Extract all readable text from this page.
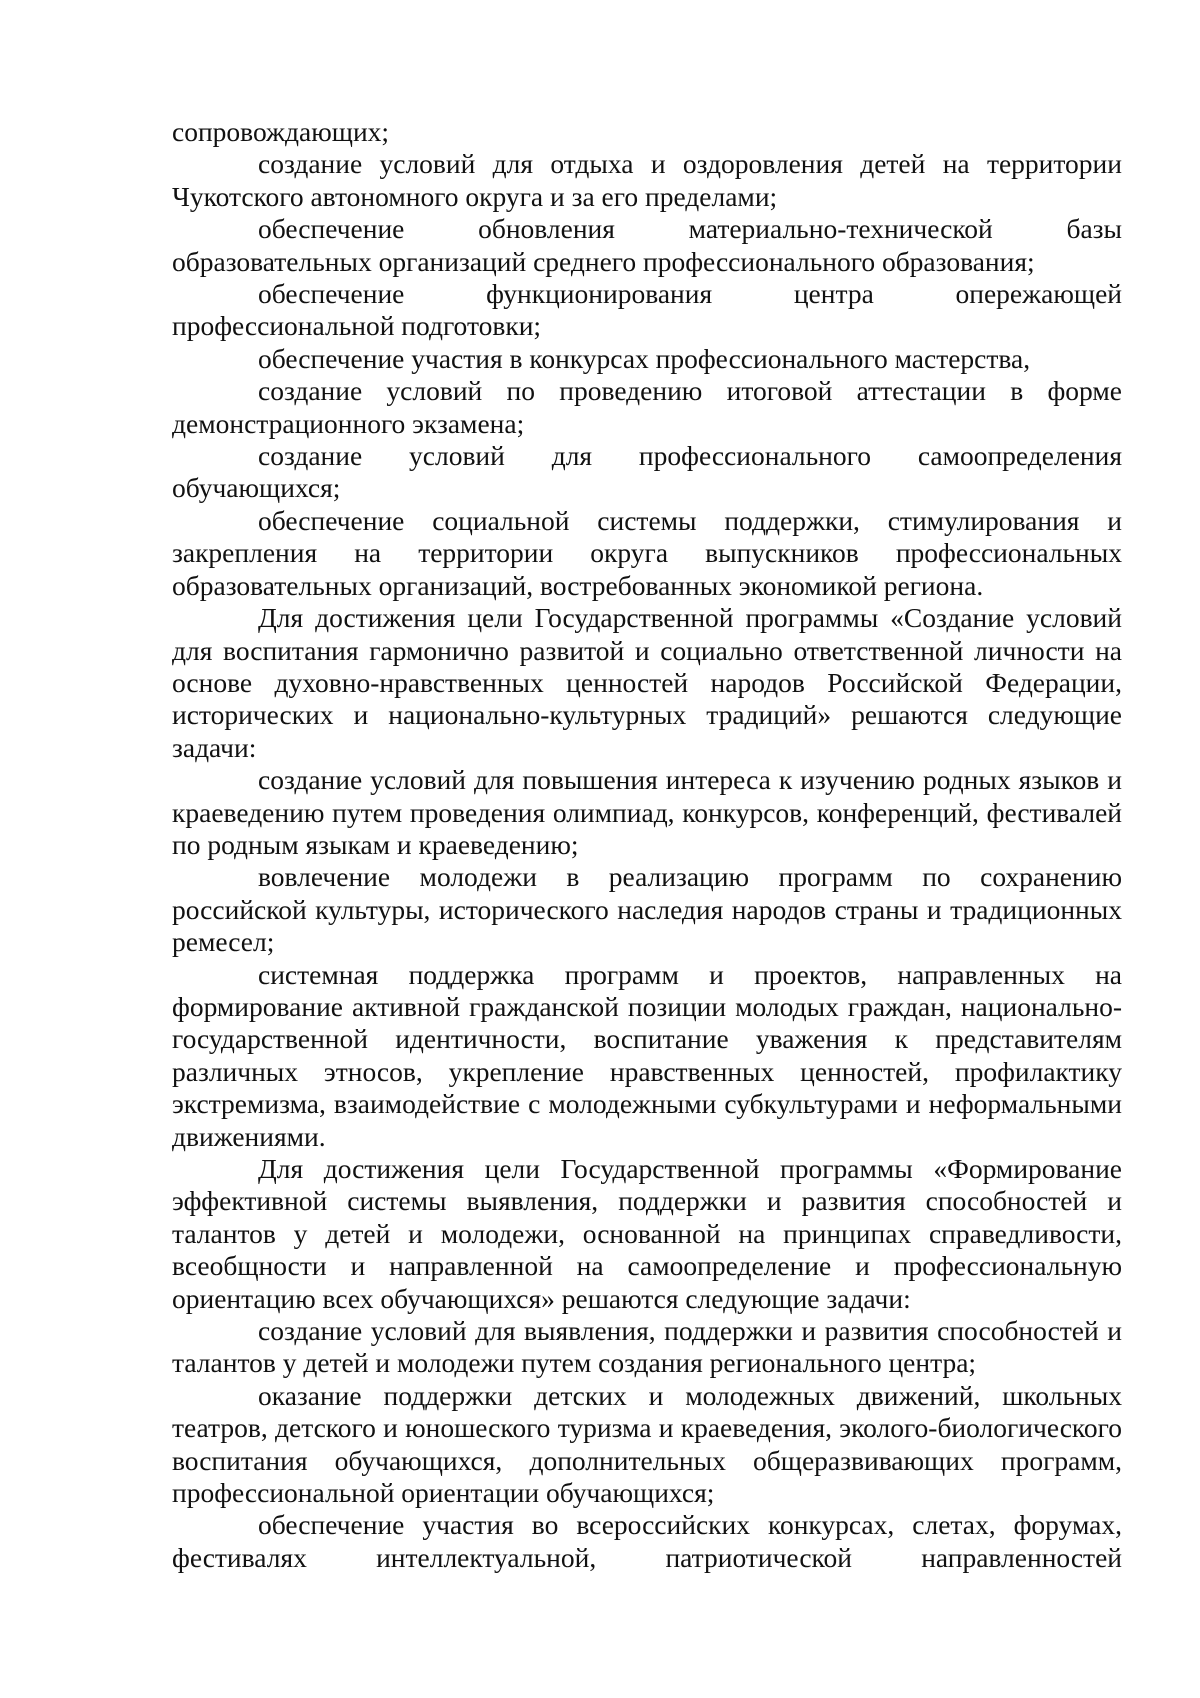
сопровождающих;

создание условий для отдыха и оздоровления детей на территории Чукотского автономного округа и за его пределами;

обеспечение обновления материально-технической базы образовательных организаций среднего профессионального образования;

обеспечение функционирования центра опережающей профессиональной подготовки;

обеспечение участия в конкурсах профессионального мастерства,

создание условий по проведению итоговой аттестации в форме демонстрационного экзамена;

создание условий для профессионального самоопределения обучающихся;

обеспечение социальной системы поддержки, стимулирования и закрепления на территории округа выпускников профессиональных образовательных организаций, востребованных экономикой региона.

Для достижения цели Государственной программы «Создание условий для воспитания гармонично развитой и социально ответственной личности на основе духовно-нравственных ценностей народов Российской Федерации, исторических и национально-культурных традиций» решаются следующие задачи:

создание условий для повышения интереса к изучению родных языков и краеведению путем проведения олимпиад, конкурсов, конференций, фестивалей по родным языкам и краеведению;

вовлечение молодежи в реализацию программ по сохранению российской культуры, исторического наследия народов страны и традиционных ремесел;

системная поддержка программ и проектов, направленных на формирование активной гражданской позиции молодых граждан, национально-государственной идентичности, воспитание уважения к представителям различных этносов, укрепление нравственных ценностей, профилактику экстремизма, взаимодействие с молодежными субкультурами и неформальными движениями.

Для достижения цели Государственной программы «Формирование эффективной системы выявления, поддержки и развития способностей и талантов у детей и молодежи, основанной на принципах справедливости, всеобщности и направленной на самоопределение и профессиональную ориентацию всех обучающихся» решаются следующие задачи:

создание условий для выявления, поддержки и развития способностей и талантов у детей и молодежи путем создания регионального центра;

оказание поддержки детских и молодежных движений, школьных театров, детского и юношеского туризма и краеведения, эколого-биологического воспитания обучающихся, дополнительных общеразвивающих программ, профессиональной ориентации обучающихся;

обеспечение участия во всероссийских конкурсах, слетах, форумах, фестивалях интеллектуальной, патриотической направленностей
